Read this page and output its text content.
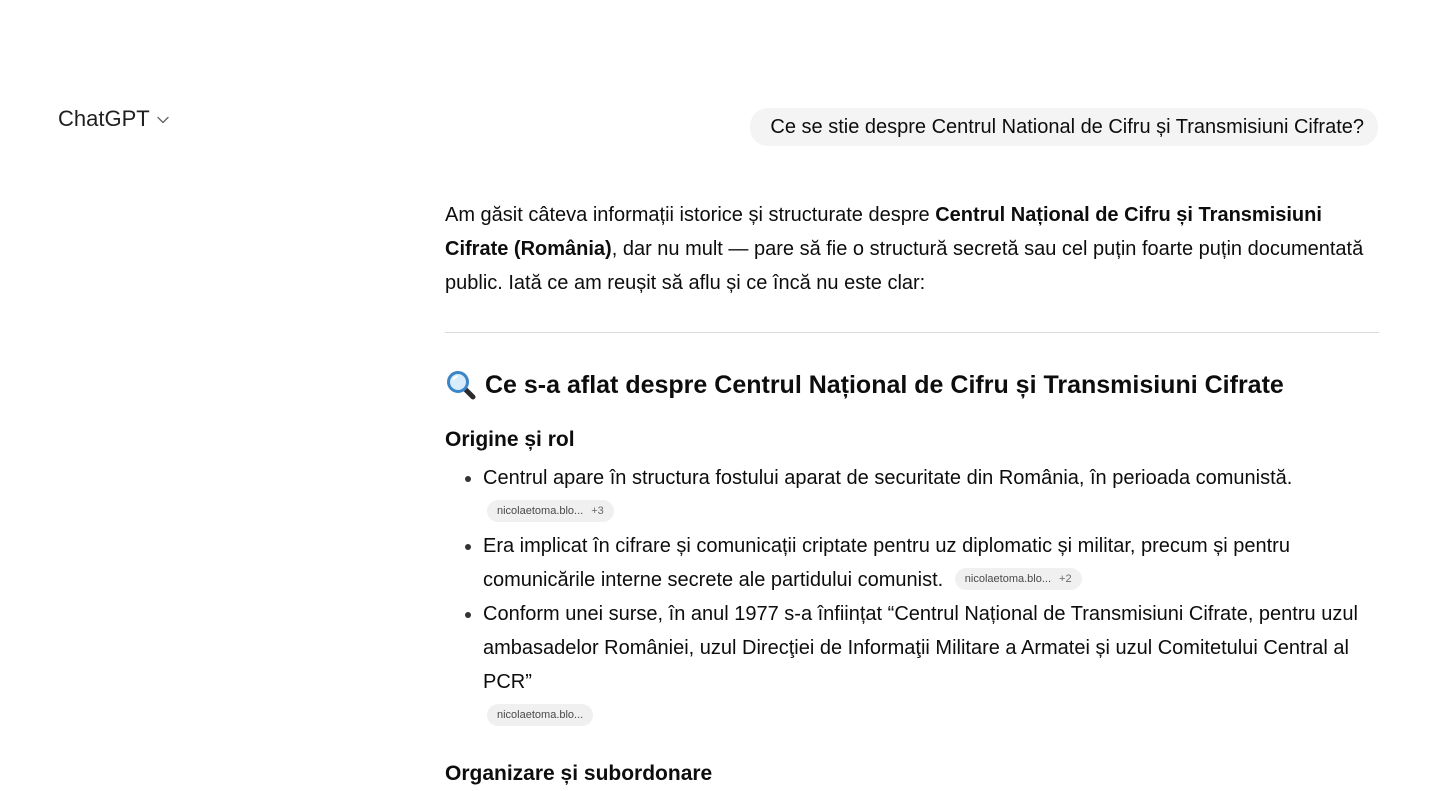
ChatGPT	Ce se stie despre Centrul National de Cifru și Transmisiuni Cifrate?

Am găsit câteva informații istorice și structurate despre Centrul Național de Cifru și Transmisiuni Cifrate (România), dar nu mult — pare să fie o structură secretă sau cel puțin foarte puțin documentată public. Iată ce am reușit să aflu și ce încă nu este clar:

Ce s-a aflat despre Centrul Național de Cifru și Transmisiuni Cifrate
Origine și rol
• Centrul apare în structura fostului aparat de securitate din România, în perioada comunistă.
nicolaetoma.blo... +3
• Era implicat în cifrare și comunicații criptate pentru uz diplomatic și militar, precum și pentru comunicările interne secrete ale partidului comunist. nicolaetoma.blo... +2
• Conform unei surse, în anul 1977 s-a înființat “Centrul Național de Transmisiuni Cifrate, pentru uzul ambasadelor României, uzul Direcţiei de Informaţii Militare a Armatei și uzul Comitetului Central al PCR”
nicolaetoma.blo...
Organizare și subordonare
